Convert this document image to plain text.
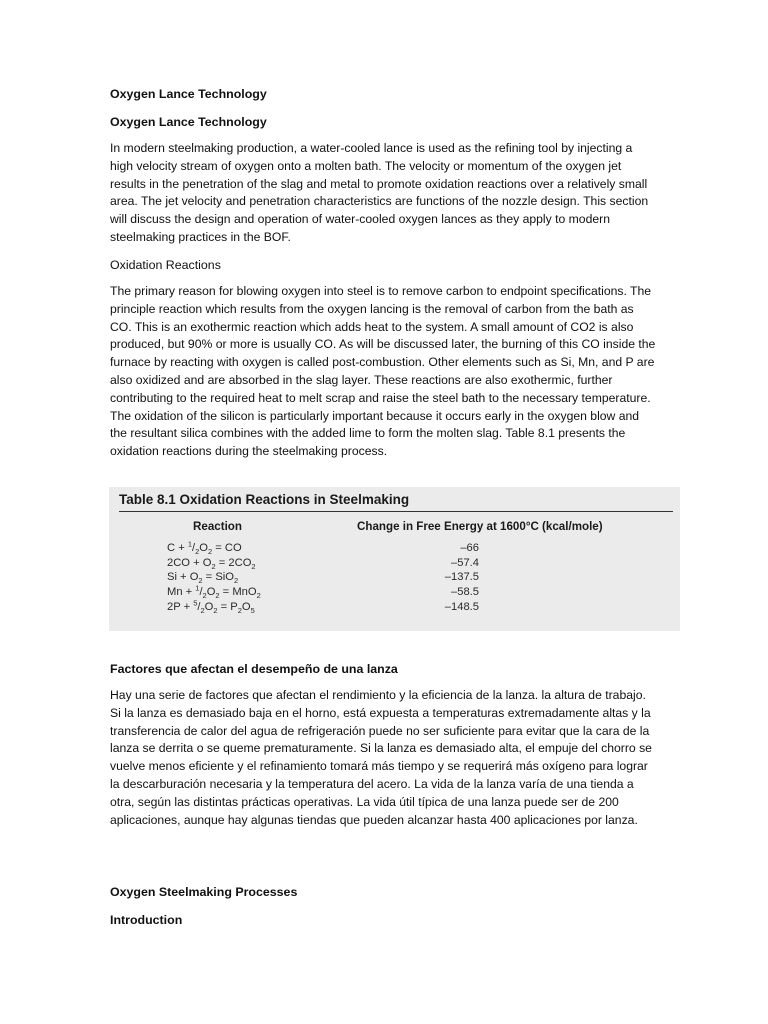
Oxygen Lance Technology
Oxygen Lance Technology

In modern steelmaking production, a water-cooled lance is used as the refining tool by injecting a high velocity stream of oxygen onto a molten bath. The velocity or momentum of the oxygen jet results in the penetration of the slag and metal to promote oxidation reactions over a relatively small area. The jet velocity and penetration characteristics are functions of the nozzle design. This section will discuss the design and operation of water-cooled oxygen lances as they apply to modern steelmaking practices in the BOF.

Oxidation Reactions

The primary reason for blowing oxygen into steel is to remove carbon to endpoint specifications. The principle reaction which results from the oxygen lancing is the removal of carbon from the bath as CO. This is an exothermic reaction which adds heat to the system. A small amount of CO2 is also produced, but 90% or more is usually CO. As will be discussed later, the burning of this CO inside the furnace by reacting with oxygen is called post-combustion. Other elements such as Si, Mn, and P are also oxidized and are absorbed in the slag layer. These reactions are also exothermic, further contributing to the required heat to melt scrap and raise the steel bath to the necessary temperature. The oxidation of the silicon is particularly important because it occurs early in the oxygen blow and the resultant silica combines with the added lime to form the molten slag. Table 8.1 presents the oxidation reactions during the steelmaking process.

Table 8.1 Oxidation Reactions in Steelmaking
Reaction	Change in Free Energy at 1600°C (kcal/mole)
$C + ^1/_2O_2$ = CO	–66
$2CO + O_2 = 2CO_2$	–57.4
$Si + O_2 = SiO_2$	–137.5
$Mn + ^1/_2O_2 = MnO_2$	–58.5
$2P + ^5/_2O_2 = P_2O_5$	–148.5
Factores que afectan el desempeño de una lanza

Hay una serie de factores que afectan el rendimiento y la eficiencia de la lanza. la altura de trabajo. Si la lanza es demasiado baja en el horno, está expuesta a temperaturas extremadamente altas y la transferencia de calor del agua de refrigeración puede no ser suficiente para evitar que la cara de la lanza se derrita o se queme prematuramente. Si la lanza es demasiado alta, el empuje del chorro se vuelve menos eficiente y el refinamiento tomará más tiempo y se requerirá más oxígeno para lograr la descarburación necesaria y la temperatura del acero. La vida de la lanza varía de una tienda a otra, según las distintas prácticas operativas. La vida útil típica de una lanza puede ser de 200 aplicaciones, aunque hay algunas tiendas que pueden alcanzar hasta 400 aplicaciones por lanza.

Oxygen Steelmaking Processes
Introduction
